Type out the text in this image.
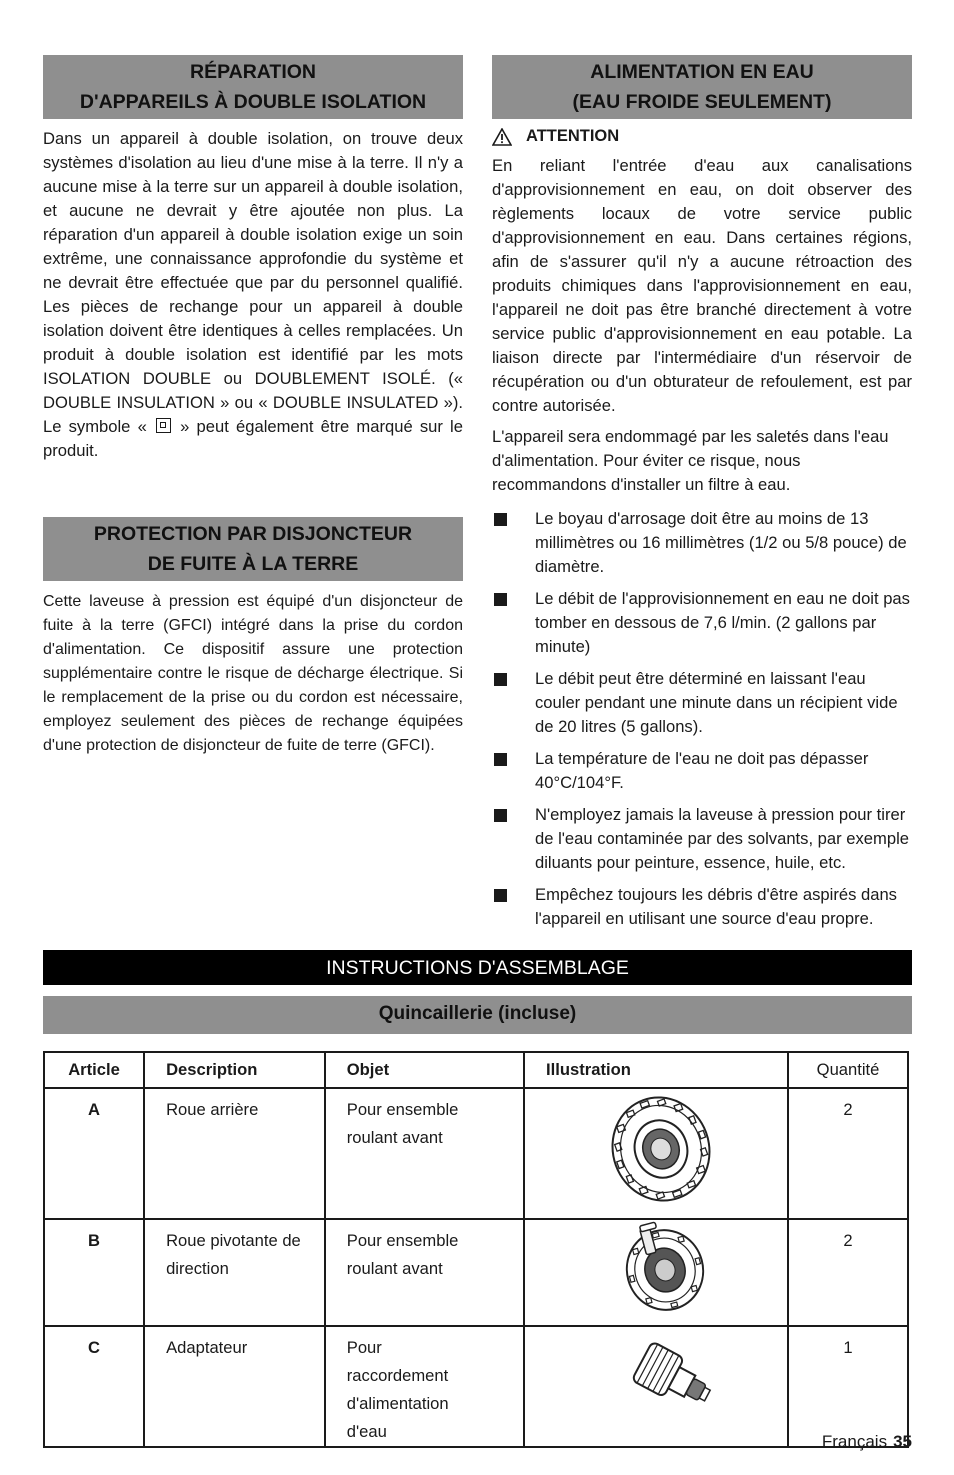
RÉPARATION
D'APPAREILS À DOUBLE ISOLATION

Dans un appareil à double isolation, on trouve deux systèmes d'isolation au lieu d'une mise à la terre. Il n'y a aucune mise à la terre sur un appareil à double isolation, et aucune ne devrait y être ajoutée non plus. La réparation d'un appareil à double isolation exige un soin extrême, une connaissance approfondie du système et ne devrait être effectuée que par du personnel qualifié. Les pièces de rechange pour un appareil à double isolation doivent être identiques à celles remplacées. Un produit à double isolation est identifié par les mots ISOLATION DOUBLE ou DOUBLEMENT ISOLÉ. (« DOUBLE INSULATION » ou « DOUBLE INSULATED »). Le symbole « » peut également être marqué sur le produit.

PROTECTION PAR DISJONCTEUR
DE FUITE À LA TERRE

Cette laveuse à pression est équipé d'un disjoncteur de fuite à la terre (GFCI) intégré dans la prise du cordon d'alimentation. Ce dispositif assure une protection supplémentaire contre le risque de décharge électrique. Si le remplacement de la prise ou du cordon est nécessaire, employez seulement des pièces de rechange équipées d'une protection de disjoncteur de fuite de terre (GFCI).

ALIMENTATION EN EAU
(EAU FROIDE SEULEMENT)
ATTENTION

En reliant l'entrée d'eau aux canalisations d'approvisionnement en eau, on doit observer des règlements locaux de votre service public d'approvisionnement en eau. Dans certaines régions, afin de s'assurer qu'il n'y a aucune rétroaction des produits chimiques dans l'approvisionnement en eau, l'appareil ne doit pas être branché directement à votre service public d'approvisionnement en eau potable. La liaison directe par l'intermédiaire d'un réservoir de récupération ou d'un obturateur de refoulement, est par contre autorisée.

L'appareil sera endommagé par les saletés dans l'eau d'alimentation. Pour éviter ce risque, nous recommandons d'installer un filtre à eau.

Le boyau d'arrosage doit être au moins de 13 millimètres ou 16 millimètres (1/2 ou 5/8 pouce) de diamètre.
Le débit de l'approvisionnement en eau ne doit pas tomber en dessous de 7,6 l/min. (2 gallons par minute)
Le débit peut être déterminé en laissant l'eau couler pendant une minute dans un récipient vide de 20 litres (5 gallons).
La température de l'eau ne doit pas dépasser 40°C/104°F.
N'employez jamais la laveuse à pression pour tirer de l'eau contaminée par des solvants, par exemple diluants pour peinture, essence, huile, etc.
Empêchez toujours les débris d'être aspirés dans l'appareil en utilisant une source d'eau propre.
INSTRUCTIONS D'ASSEMBLAGE
Quincaillerie (incluse)
Article	Description	Objet	Illustration	Quantité
A	Roue arrière	Pour ensemble roulant avant		2
B	Roue pivotante de direction	Pour ensemble roulant avant		2
C	Adaptateur	Pour raccordement d'alimentation d'eau		1
Français 35
